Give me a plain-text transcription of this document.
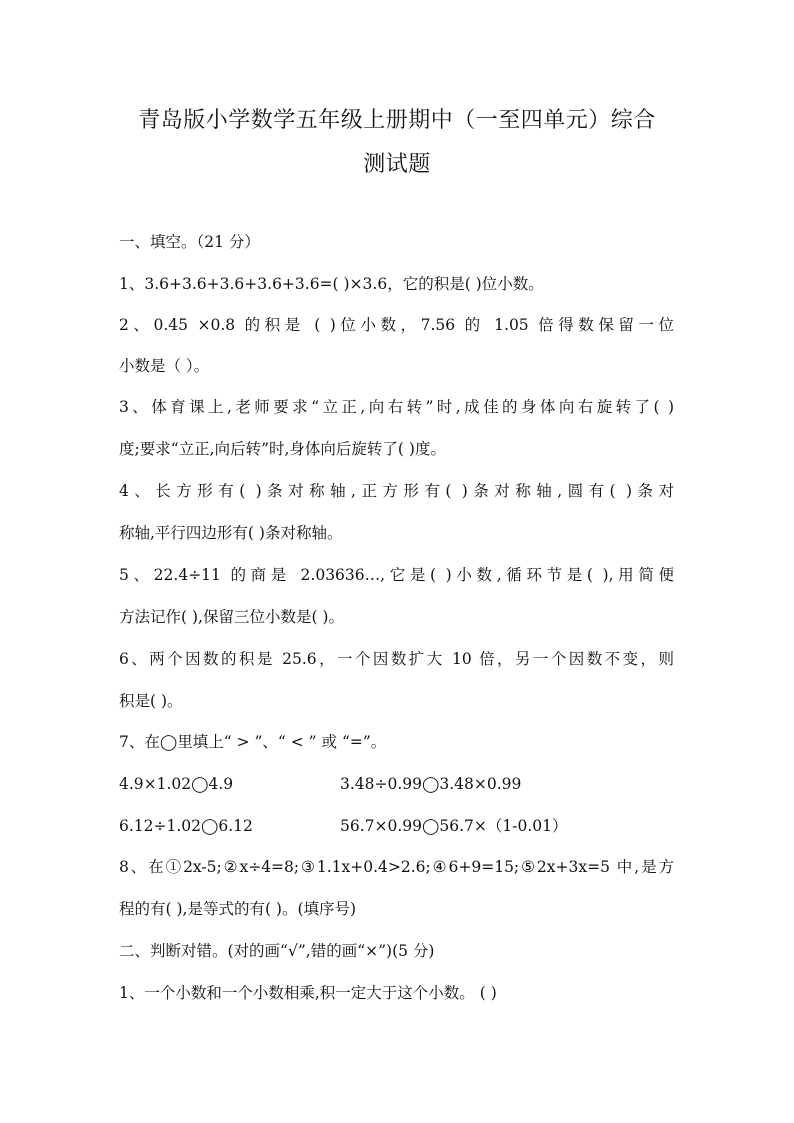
青岛版小学数学五年级上册期中（一至四单元）综合
测试题
一、填空。（21 分）
1、3.6+3.6+3.6+3.6+3.6=( )×3.6，它的积是( )位小数。
2、0.45 ×0.8 的积是 ( )位小数，7.56 的 1.05 倍得数保留一位
小数是（ ）。
3、体育课上,老师要求“立正,向右转”时,成佳的身体向右旋转了( )
度;要求“立正,向后转”时,身体向后旋转了( )度。
4、长方形有( )条对称轴,正方形有( )条对称轴,圆有( )条对
称轴,平行四边形有( )条对称轴。
5、22.4÷11 的商是 2.03636…,它是( )小数,循环节是( ),用简便
方法记作( ),保留三位小数是( )。
6、两个因数的积是 25.6，一个因数扩大 10 倍，另一个因数不变，则
积是( )。
7、在◯里填上“ > ”、“ < ” 或 “=”。
4.9×1.02◯4.9	3.48÷0.99◯3.48×0.99
6.12÷1.02◯6.12	56.7×0.99◯56.7×（1-0.01）
8、在①2x-5;②x÷4=8;③1.1x+0.4>2.6;④6+9=15;⑤2x+3x=5 中,是方
程的有( ),是等式的有( )。(填序号)
二、判断对错。(对的画“√”,错的画“×”)(5 分)
1、一个小数和一个小数相乘,积一定大于这个小数。 ( )
